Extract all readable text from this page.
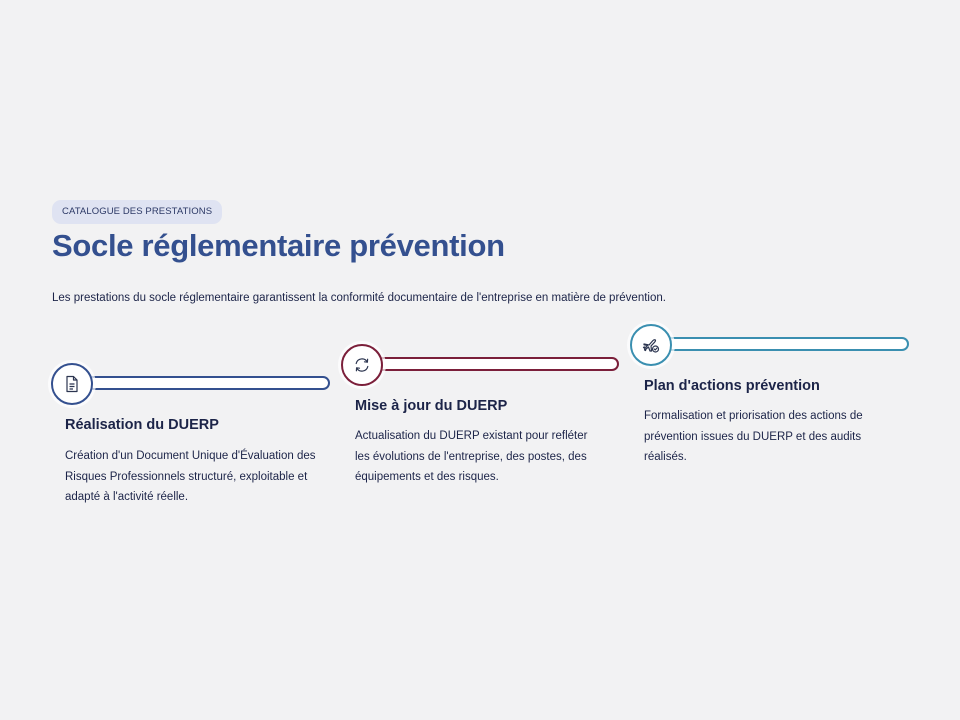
CATALOGUE DES PRESTATIONS
Socle réglementaire prévention
Les prestations du socle réglementaire garantissent la conformité documentaire de l'entreprise en matière de prévention.
Réalisation du DUERP

Création d'un Document Unique d'Évaluation des Risques Professionnels structuré, exploitable et adapté à l'activité réelle.

Mise à jour du DUERP

Actualisation du DUERP existant pour refléter les évolutions de l'entreprise, des postes, des équipements et des risques.

Plan d'actions prévention

Formalisation et priorisation des actions de prévention issues du DUERP et des audits réalisés.
